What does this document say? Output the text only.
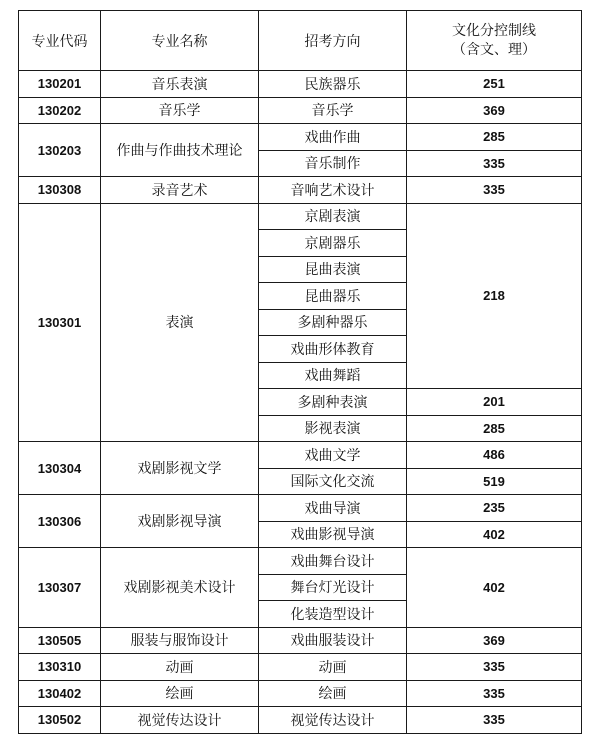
专业代码	专业名称	招考方向	文化分控制线
（含文、理）

130201	音乐表演	民族器乐	251
130202	音乐学	音乐学	369
130203	作曲与作曲技术理论	戏曲作曲	285
		音乐制作	335
130308	录音艺术	音响艺术设计	335
130301	表演	京剧表演	218
		京剧器乐	
		昆曲表演	
		昆曲器乐	
		多剧种器乐	
		戏曲形体教育	
		戏曲舞蹈	
		多剧种表演	201
		影视表演	285
130304	戏剧影视文学	戏曲文学	486
		国际文化交流	519
130306	戏剧影视导演	戏曲导演	235
		戏曲影视导演	402
130307	戏剧影视美术设计	戏曲舞台设计	402
		舞台灯光设计	
		化装造型设计	
130505	服装与服饰设计	戏曲服装设计	369
130310	动画	动画	335
130402	绘画	绘画	335
130502	视觉传达设计	视觉传达设计	335
